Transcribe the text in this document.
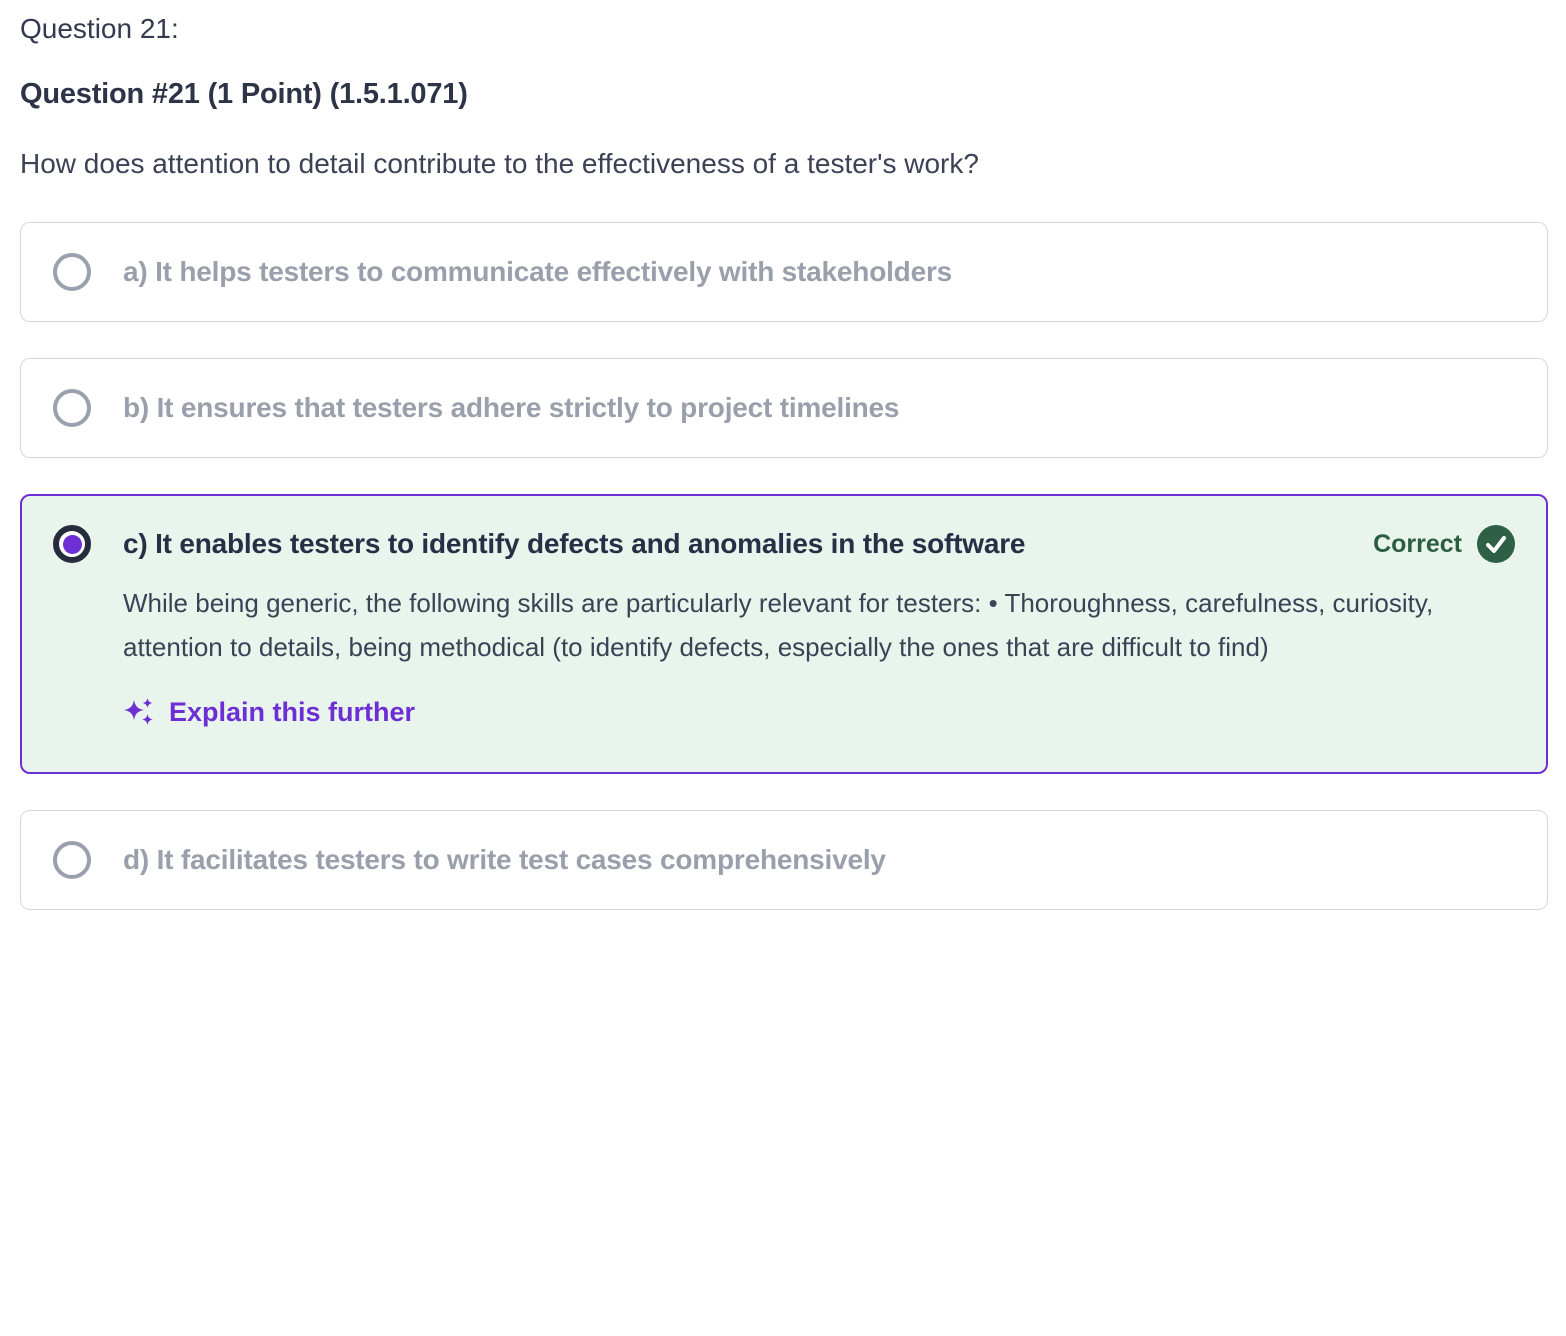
Question 21:
Question #21 (1 Point) (1.5.1.071)
How does attention to detail contribute to the effectiveness of a tester's work?
a) It helps testers to communicate effectively with stakeholders
b) It ensures that testers adhere strictly to project timelines
c) It enables testers to identify defects and anomalies in the software	Correct
While being generic, the following skills are particularly relevant for testers: • Thoroughness, carefulness, curiosity, attention to details, being methodical (to identify defects, especially the ones that are difficult to find)
Explain this further
d) It facilitates testers to write test cases comprehensively
